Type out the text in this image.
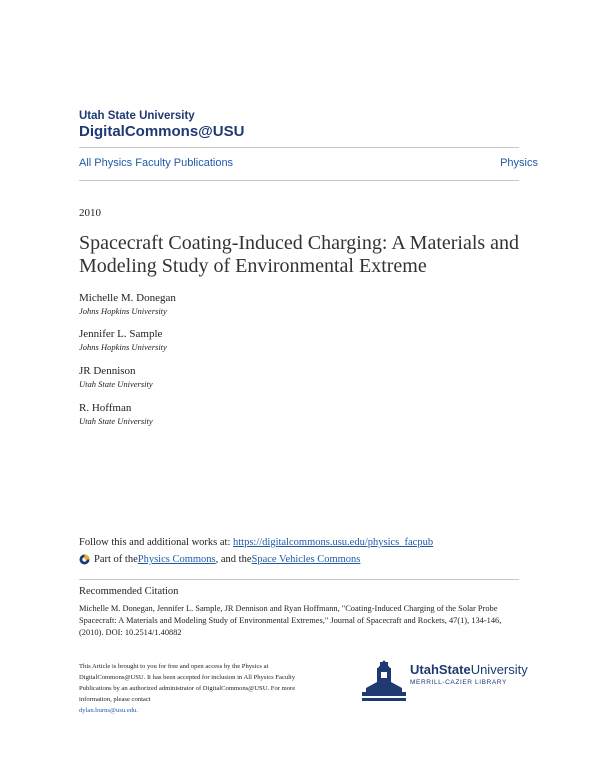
Utah State University
DigitalCommons@USU
All Physics Faculty Publications	Physics
2010
Spacecraft Coating-Induced Charging: A Materials and Modeling Study of Environmental Extreme
Michelle M. Donegan
Johns Hopkins University
Jennifer L. Sample
Johns Hopkins University
JR Dennison
Utah State University
R. Hoffman
Utah State University
Follow this and additional works at: https://digitalcommons.usu.edu/physics_facpub
Part of the Physics Commons , and the Space Vehicles Commons
Recommended Citation
Michelle M. Donegan, Jennifer L. Sample, JR Dennison and Ryan Hoffmann, "Coating-Induced Charging of the Solar Probe Spacecraft: A Materials and Modeling Study of Environmental Extremes," Journal of Spacecraft and Rockets, 47(1), 134-146, (2010). DOI: 10.2514/1.40882
This Article is brought to you for free and open access by the Physics at DigitalCommons@USU. It has been accepted for inclusion in All Physics Faculty Publications by an authorized administrator of DigitalCommons@USU. For more information, please contact
dylan.burns@usu.edu.
UtahStateUniversity
MERRILL-CAZIER LIBRARY
